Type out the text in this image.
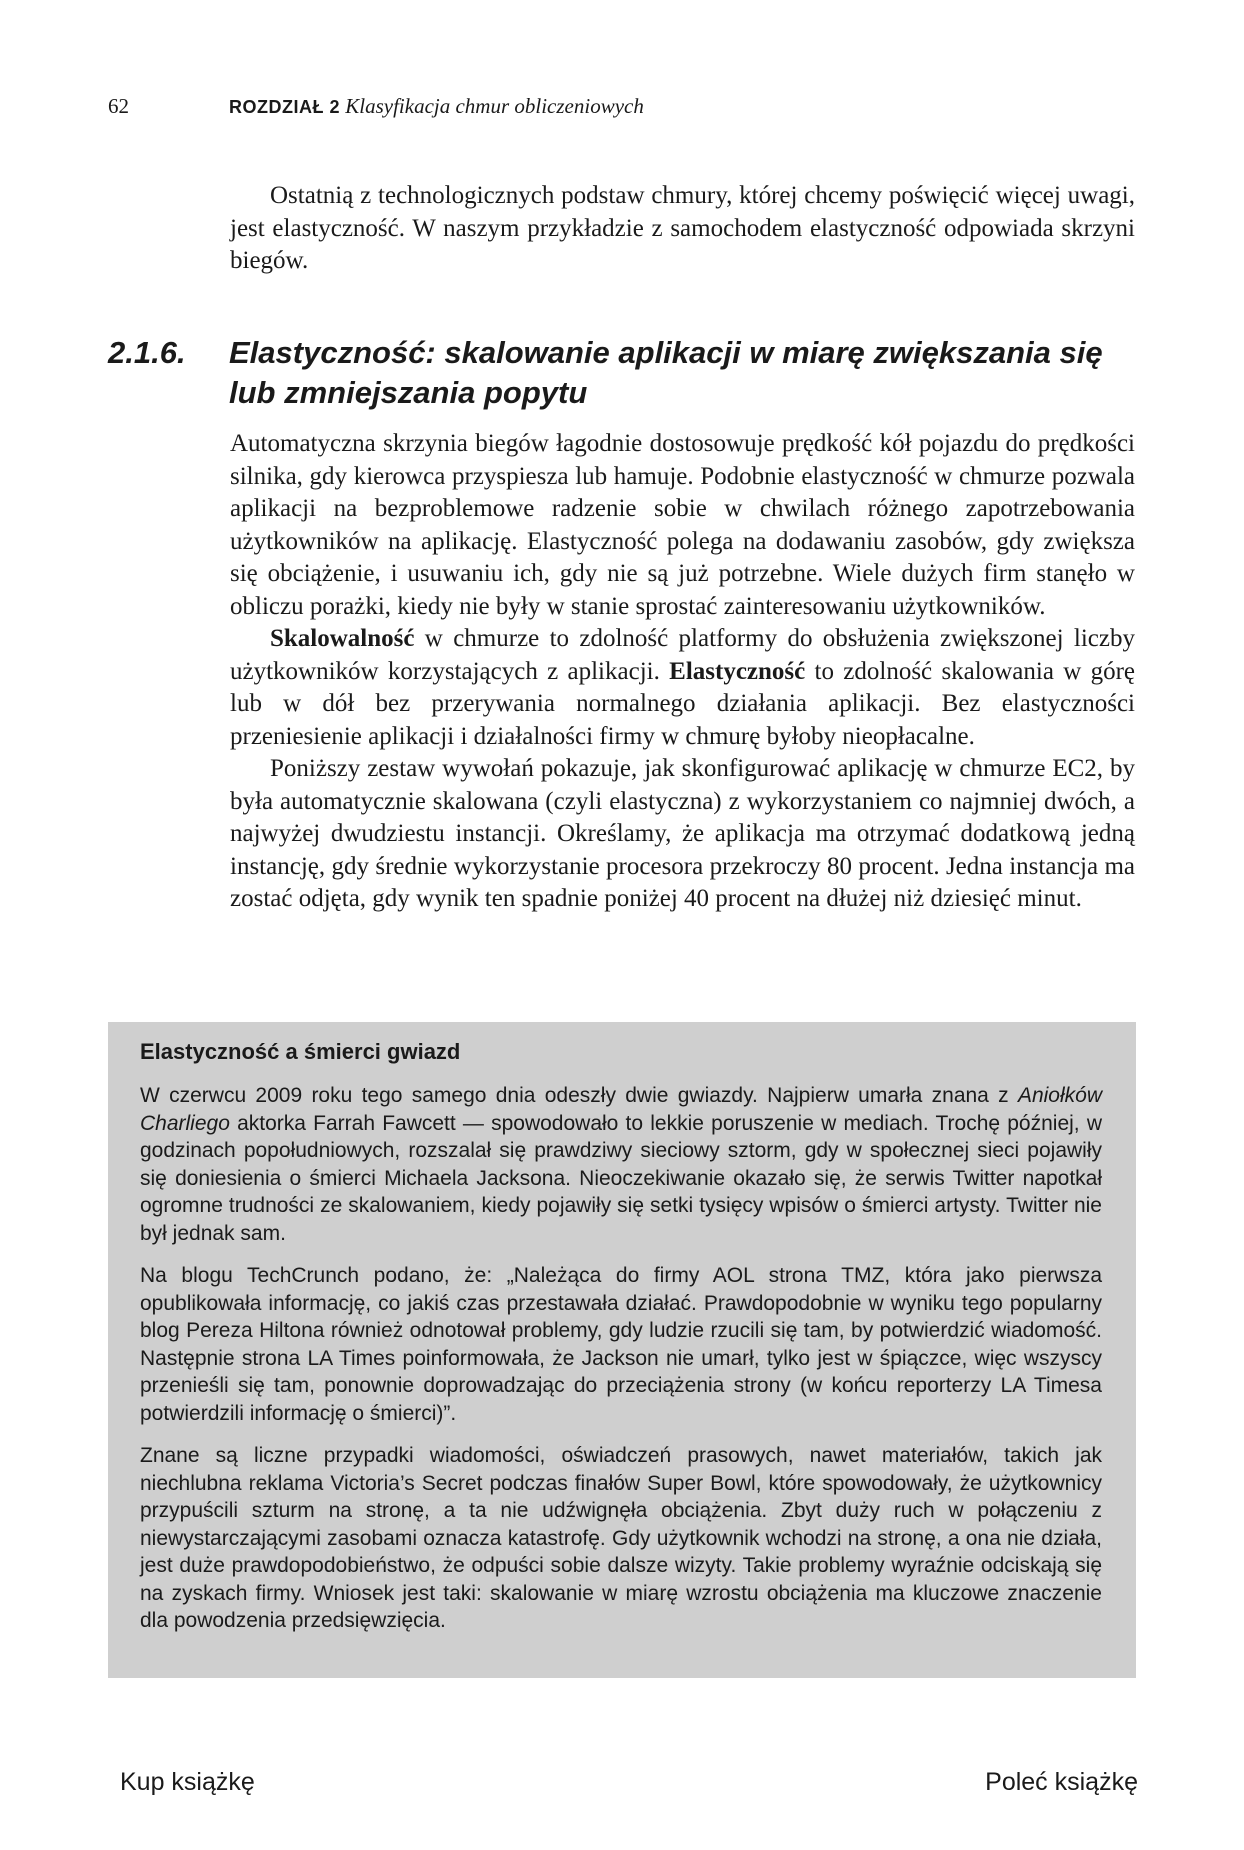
62	ROZDZIAŁ 2 Klasyfikacja chmur obliczeniowych

Ostatnią z technologicznych podstaw chmury, której chcemy poświęcić więcej uwagi, jest elastyczność. W naszym przykładzie z samochodem elastyczność odpowiada skrzyni biegów.

2.1.6. Elastyczność: skalowanie aplikacji w miarę zwiększania się lub zmniejszania popytu

Automatyczna skrzynia biegów łagodnie dostosowuje prędkość kół pojazdu do prędkości silnika, gdy kierowca przyspiesza lub hamuje. Podobnie elastyczność w chmurze pozwala aplikacji na bezproblemowe radzenie sobie w chwilach różnego zapotrzebowania użytkowników na aplikację. Elastyczność polega na dodawaniu zasobów, gdy zwiększa się obciążenie, i usuwaniu ich, gdy nie są już potrzebne. Wiele dużych firm stanęło w obliczu porażki, kiedy nie były w stanie sprostać zainteresowaniu użytkowników.

Skalowalność w chmurze to zdolność platformy do obsłużenia zwiększonej liczby użytkowników korzystających z aplikacji. Elastyczność to zdolność skalowania w górę lub w dół bez przerywania normalnego działania aplikacji. Bez elastyczności przeniesienie aplikacji i działalności firmy w chmurę byłoby nieopłacalne.

Poniższy zestaw wywołań pokazuje, jak skonfigurować aplikację w chmurze EC2, by była automatycznie skalowana (czyli elastyczna) z wykorzystaniem co najmniej dwóch, a najwyżej dwudziestu instancji. Określamy, że aplikacja ma otrzymać dodatkową jedną instancję, gdy średnie wykorzystanie procesora przekroczy 80 procent. Jedna instancja ma zostać odjęta, gdy wynik ten spadnie poniżej 40 procent na dłużej niż dziesięć minut.

Elastyczność a śmierci gwiazd

W czerwcu 2009 roku tego samego dnia odeszły dwie gwiazdy. Najpierw umarła znana z Aniołków Charliego aktorka Farrah Fawcett — spowodowało to lekkie poruszenie w mediach. Trochę później, w godzinach popołudniowych, rozszalał się prawdziwy sieciowy sztorm, gdy w społecznej sieci pojawiły się doniesienia o śmierci Michaela Jacksona. Nieoczekiwanie okazało się, że serwis Twitter napotkał ogromne trudności ze skalowaniem, kiedy pojawiły się setki tysięcy wpisów o śmierci artysty. Twitter nie był jednak sam.

Na blogu TechCrunch podano, że: „Należąca do firmy AOL strona TMZ, która jako pierwsza opublikowała informację, co jakiś czas przestawała działać. Prawdopodobnie w wyniku tego popularny blog Pereza Hiltona również odnotował problemy, gdy ludzie rzucili się tam, by potwierdzić wiadomość. Następnie strona LA Times poinformowała, że Jackson nie umarł, tylko jest w śpiączce, więc wszyscy przenieśli się tam, ponownie doprowadzając do przeciążenia strony (w końcu reporterzy LA Timesa potwierdzili informację o śmierci)”.

Znane są liczne przypadki wiadomości, oświadczeń prasowych, nawet materiałów, takich jak niechlubna reklama Victoria’s Secret podczas finałów Super Bowl, które spowodowały, że użytkownicy przypuścili szturm na stronę, a ta nie udźwignęła obciążenia. Zbyt duży ruch w połączeniu z niewystarczającymi zasobami oznacza katastrofę. Gdy użytkownik wchodzi na stronę, a ona nie działa, jest duże prawdopodobieństwo, że odpuści sobie dalsze wizyty. Takie problemy wyraźnie odciskają się na zyskach firmy. Wniosek jest taki: skalowanie w miarę wzrostu obciążenia ma kluczowe znaczenie dla powodzenia przedsięwzięcia.

Kup książkę	Poleć książkę
